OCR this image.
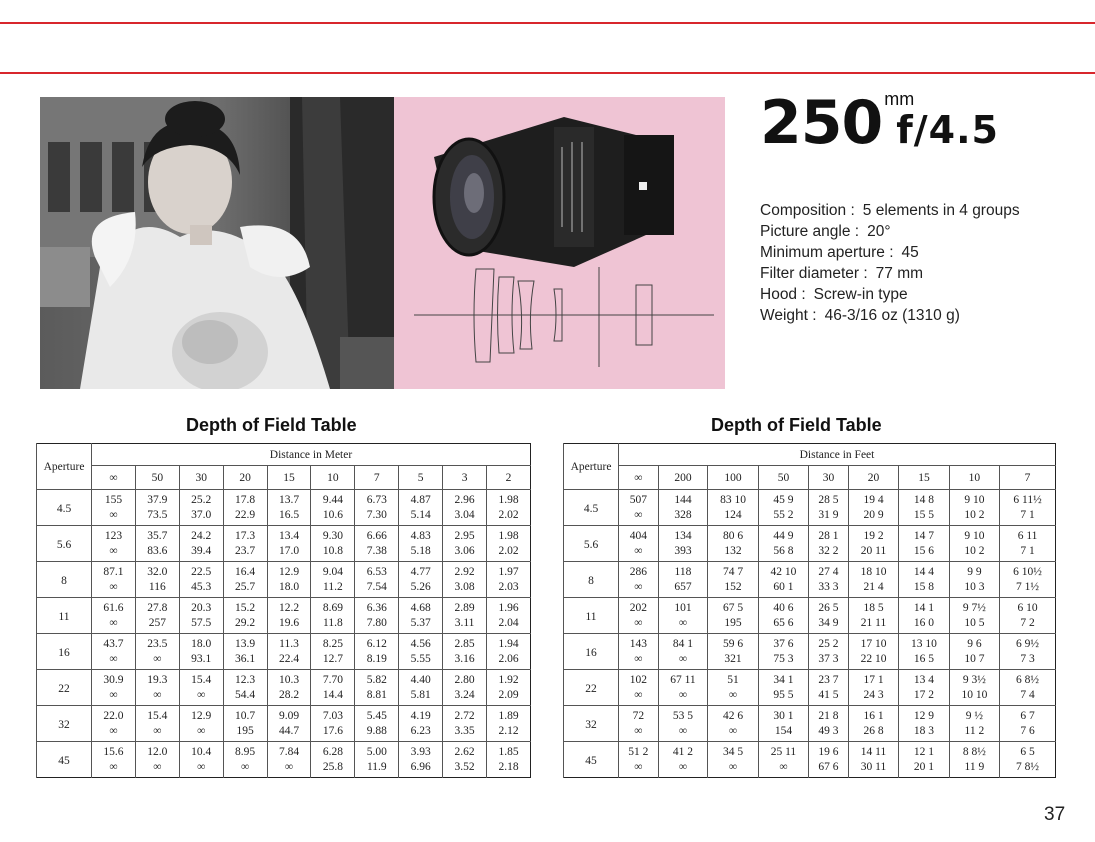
250 mmf/4.5
Composition : 5 elements in 4 groups
Picture angle : 20°
Minimum aperture : 45
Filter diameter : 77 mm
Hood : Screw-in type
Weight : 46-3/16 oz (1310 g)
Depth of Field Table	Depth of Field Table
Aperture	Distance in Meter									
	∞	50	30	20	15	10	7	5	3	2
4.5	155	37.9	25.2	17.8	13.7	9.44	6.73	4.87	2.96	1.98
	∞	73.5	37.0	22.9	16.5	10.6	7.30	5.14	3.04	2.02
5.6	123	35.7	24.2	17.3	13.4	9.30	6.66	4.83	2.95	1.98
	∞	83.6	39.4	23.7	17.0	10.8	7.38	5.18	3.06	2.02
8	87.1	32.0	22.5	16.4	12.9	9.04	6.53	4.77	2.92	1.97
	∞	116	45.3	25.7	18.0	11.2	7.54	5.26	3.08	2.03
11	61.6	27.8	20.3	15.2	12.2	8.69	6.36	4.68	2.89	1.96
	∞	257	57.5	29.2	19.6	11.8	7.80	5.37	3.11	2.04
16	43.7	23.5	18.0	13.9	11.3	8.25	6.12	4.56	2.85	1.94
	∞	∞	93.1	36.1	22.4	12.7	8.19	5.55	3.16	2.06
22	30.9	19.3	15.4	12.3	10.3	7.70	5.82	4.40	2.80	1.92
	∞	∞	∞	54.4	28.2	14.4	8.81	5.81	3.24	2.09
32	22.0	15.4	12.9	10.7	9.09	7.03	5.45	4.19	2.72	1.89
	∞	∞	∞	195	44.7	17.6	9.88	6.23	3.35	2.12
45	15.6	12.0	10.4	8.95	7.84	6.28	5.00	3.93	2.62	1.85
	∞	∞	∞	∞	∞	25.8	11.9	6.96	3.52	2.18
Aperture	Distance in Feet								
	∞	200	100	50	30	20	15	10	7
4.5	507	144	83 10	45 9	28 5	19 4	14 8	9 10	6 11½
	∞	328	124	55 2	31 9	20 9	15 5	10 2	7 1
5.6	404	134	80 6	44 9	28 1	19 2	14 7	9 10	6 11
	∞	393	132	56 8	32 2	20 11	15 6	10 2	7 1
8	286	118	74 7	42 10	27 4	18 10	14 4	9 9	6 10½
	∞	657	152	60 1	33 3	21 4	15 8	10 3	7 1½
11	202	101	67 5	40 6	26 5	18 5	14 1	9 7½	6 10
	∞	∞	195	65 6	34 9	21 11	16 0	10 5	7 2
16	143	84 1	59 6	37 6	25 2	17 10	13 10	9 6	6 9½
	∞	∞	321	75 3	37 3	22 10	16 5	10 7	7 3
22	102	67 11	51	34 1	23 7	17 1	13 4	9 3½	6 8½
	∞	∞	∞	95 5	41 5	24 3	17 2	10 10	7 4
32	72	53 5	42 6	30 1	21 8	16 1	12 9	9 ½	6 7
	∞	∞	∞	154	49 3	26 8	18 3	11 2	7 6
45	51 2	41 2	34 5	25 11	19 6	14 11	12 1	8 8½	6 5
	∞	∞	∞	∞	67 6	30 11	20 1	11 9	7 8½
37
